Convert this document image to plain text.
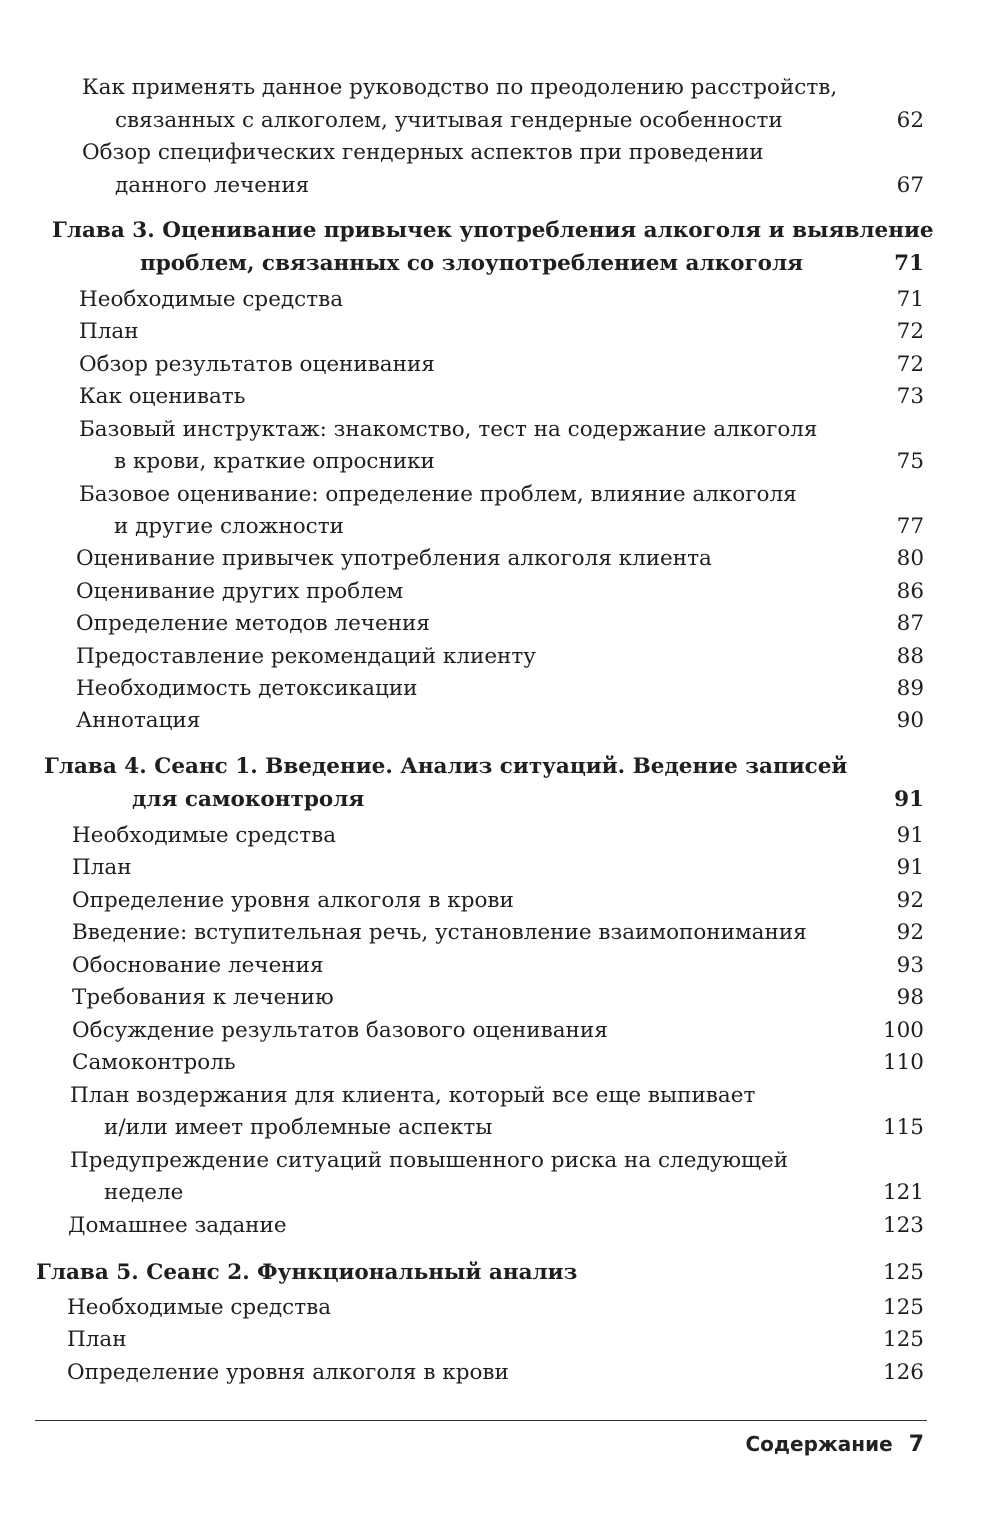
Как применять данное руководство по преодолению расстройств,
связанных с алкоголем, учитывая гендерные особенности	62
Обзор специфических гендерных аспектов при проведении
данного лечения	67
Глава 3. Оценивание привычек употребления алкоголя и выявление
проблем, связанных со злоупотреблением алкоголя	71
Необходимые средства	71
План	72
Обзор результатов оценивания	72
Как оценивать	73
Базовый инструктаж: знакомство, тест на содержание алкоголя
в крови, краткие опросники	75
Базовое оценивание: определение проблем, влияние алкоголя
и другие сложности	77
Оценивание привычек употребления алкоголя клиента	80
Оценивание других проблем	86
Определение методов лечения	87
Предоставление рекомендаций клиенту	88
Необходимость детоксикации	89
Аннотация	90
Глава 4. Сеанс 1. Введение. Анализ ситуаций. Ведение записей
для самоконтроля	91
Необходимые средства	91
План	91
Определение уровня алкоголя в крови	92
Введение: вступительная речь, установление взаимопонимания	92
Обоснование лечения	93
Требования к лечению	98
Обсуждение результатов базового оценивания	100
Самоконтроль	110
План воздержания для клиента, который все еще выпивает
и/или имеет проблемные аспекты	115
Предупреждение ситуаций повышенного риска на следующей
неделе	121
Домашнее задание	123
Глава 5. Сеанс 2. Функциональный анализ	125
Необходимые средства	125
План	125
Определение уровня алкоголя в крови	126
Содержание 7
